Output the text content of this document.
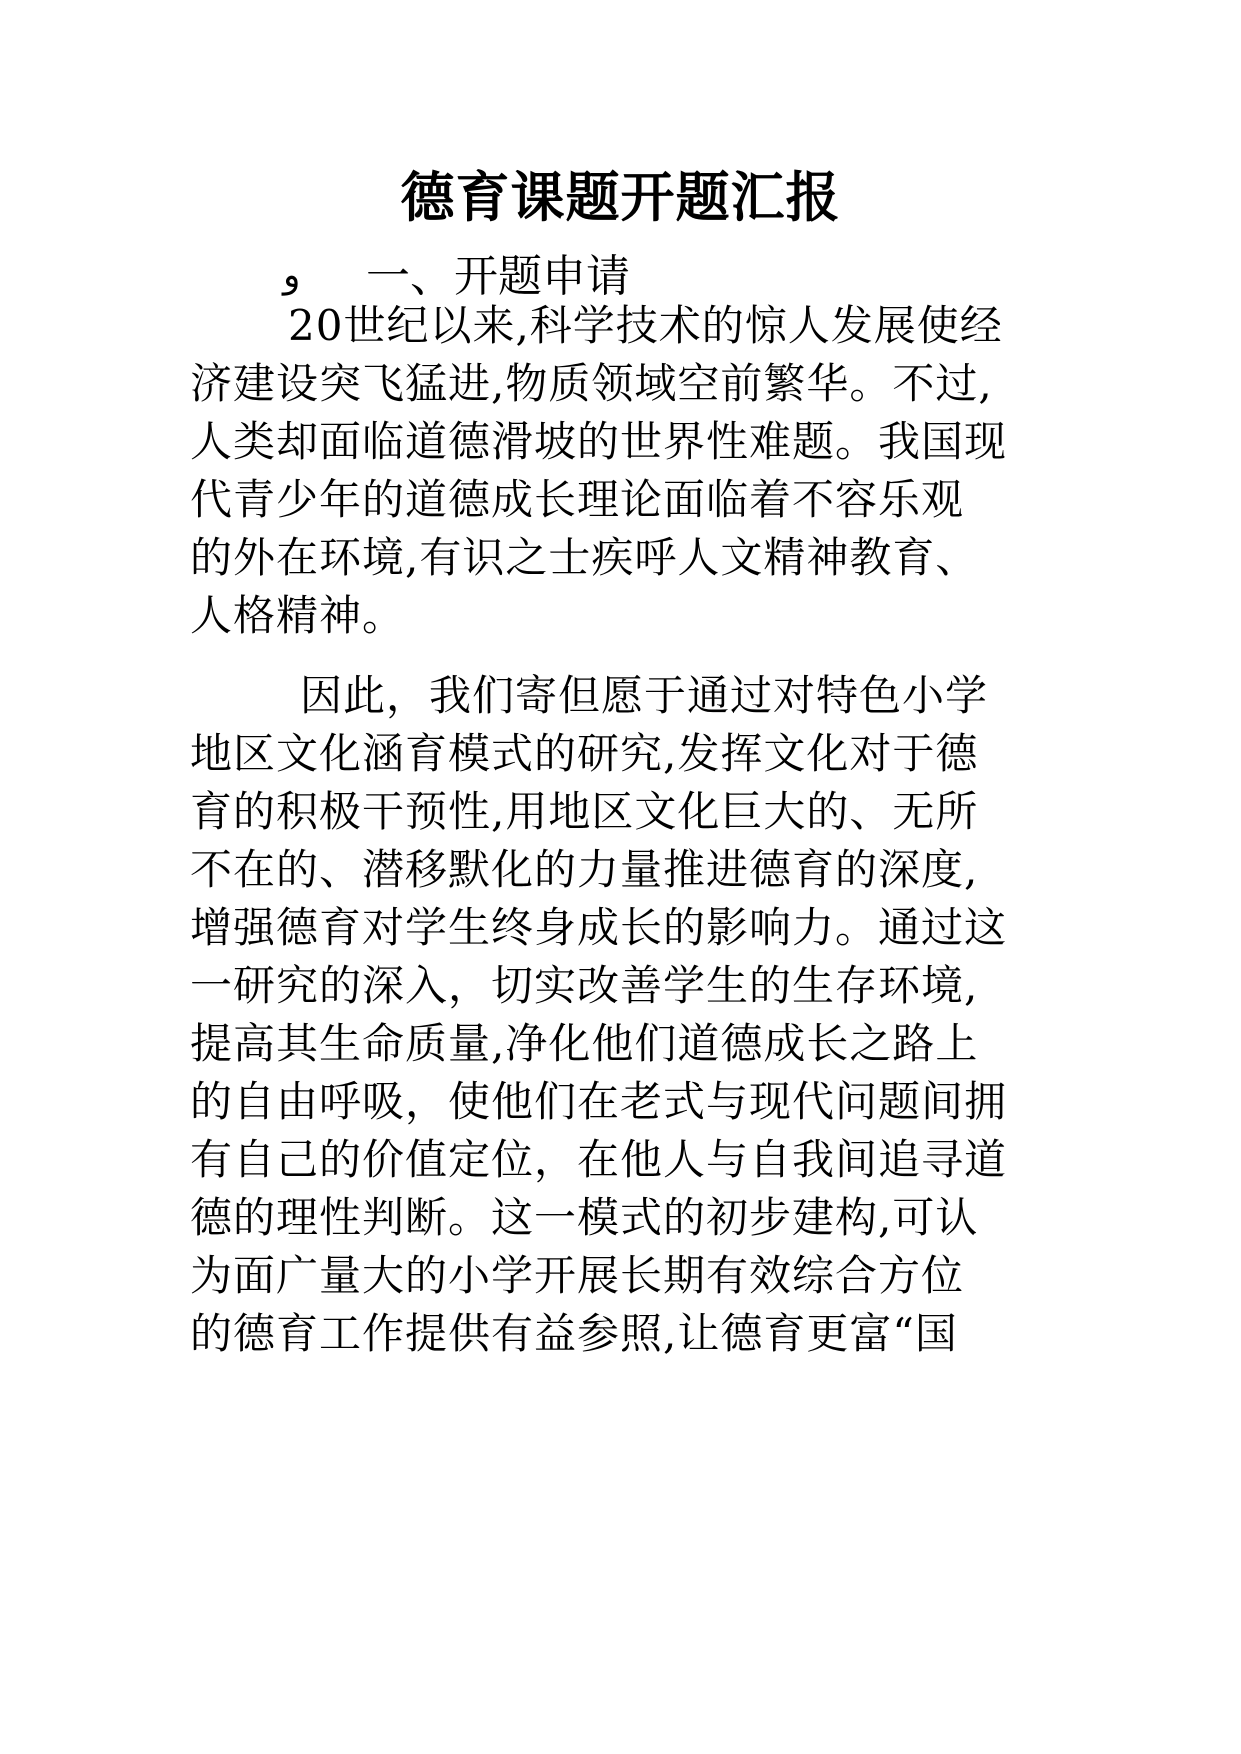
德育课题开题汇报
و 一、开题申请
20世纪以来,科学技术的惊人发展使经
济建设突飞猛进,物质领域空前繁华。不过,
人类却面临道德滑坡的世界性难题。我国现
代青少年的道德成长理论面临着不容乐观
的外在环境,有识之士疾呼人文精神教育、
人格精神。
因此，我们寄但愿于通过对特色小学
地区文化涵育模式的研究,发挥文化对于德
育的积极干预性,用地区文化巨大的、无所
不在的、潜移默化的力量推进德育的深度,
增强德育对学生终身成长的影响力。通过这
一研究的深入，切实改善学生的生存环境,
提高其生命质量,净化他们道德成长之路上
的自由呼吸，使他们在老式与现代问题间拥
有自己的价值定位，在他人与自我间追寻道
德的理性判断。这一模式的初步建构,可认
为面广量大的小学开展长期有效综合方位
的德育工作提供有益参照,让德育更富“国
